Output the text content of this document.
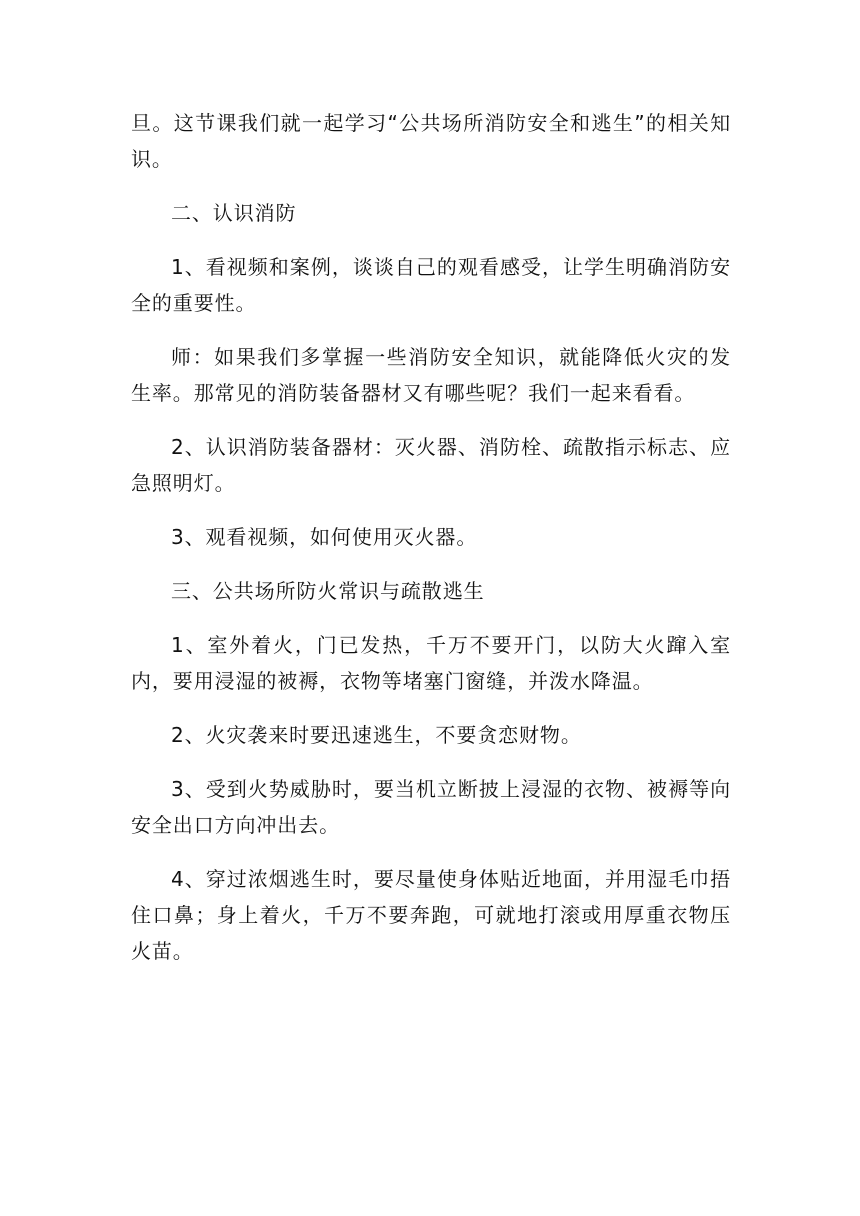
旦。这节课我们就一起学习“公共场所消防安全和逃生”的相关知识。

二、认识消防

1、看视频和案例，谈谈自己的观看感受，让学生明确消防安全的重要性。

师：如果我们多掌握一些消防安全知识，就能降低火灾的发生率。那常见的消防装备器材又有哪些呢？我们一起来看看。

2、认识消防装备器材：灭火器、消防栓、疏散指示标志、应急照明灯。

3、观看视频，如何使用灭火器。

三、公共场所防火常识与疏散逃生

1、室外着火，门已发热，千万不要开门，以防大火蹿入室内，要用浸湿的被褥，衣物等堵塞门窗缝，并泼水降温。

2、火灾袭来时要迅速逃生，不要贪恋财物。

3、受到火势威胁时，要当机立断披上浸湿的衣物、被褥等向安全出口方向冲出去。

4、穿过浓烟逃生时，要尽量使身体贴近地面，并用湿毛巾捂住口鼻；身上着火，千万不要奔跑，可就地打滚或用厚重衣物压火苗。
